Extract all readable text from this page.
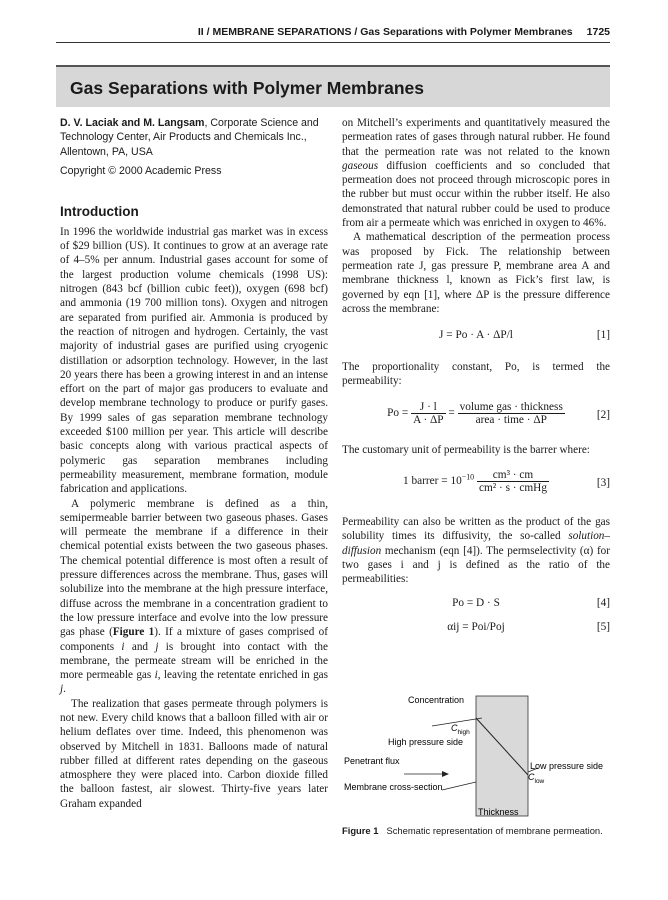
II / MEMBRANE SEPARATIONS / Gas Separations with Polymer Membranes 1725
Gas Separations with Polymer Membranes
D. V. Laciak and M. Langsam, Corporate Science and Technology Center, Air Products and Chemicals Inc., Allentown, PA, USA
Copyright © 2000 Academic Press
Introduction

In 1996 the worldwide industrial gas market was in excess of $29 billion (US). It continues to grow at an average rate of 4–5% per annum. Industrial gases account for some of the largest production volume chemicals (1998 US): nitrogen (843 bcf (billion cubic feet)), oxygen (698 bcf) and ammonia (19 700 million tons). Oxygen and nitrogen are separated from purified air. Ammonia is produced by the reaction of nitrogen and hydrogen. Certainly, the vast majority of industrial gases are purified using cryogenic distillation or adsorption technology. However, in the last 20 years there has been a growing interest in and an intense effort on the part of major gas producers to evaluate and develop membrane technology to produce or purify gases. By 1999 sales of gas separation membrane technology exceeded $100 million per year. This article will describe basic concepts along with various practical aspects of polymeric gas separation membranes including permeability measurement, membrane formation, module fabrication and applications.

A polymeric membrane is defined as a thin, semipermeable barrier between two gaseous phases. Gases will permeate the membrane if a difference in their chemical potential exists between the two gaseous phases. The chemical potential difference is most often a result of pressure differences across the membrane. Thus, gases will solubilize into the membrane at the high pressure interface, diffuse across the membrane in a concentration gradient to the low pressure interface and evolve into the low pressure gas phase (Figure 1). If a mixture of gases comprised of components i and j is brought into contact with the membrane, the permeate stream will be enriched in the more permeable gas i, leaving the retentate enriched in gas j.

The realization that gases permeate through polymers is not new. Every child knows that a balloon filled with air or helium deflates over time. Indeed, this phenomenon was observed by Mitchell in 1831. Balloons made of natural rubber filled at different rates depending on the gaseous atmosphere they were placed into. Carbon dioxide filled the balloon fastest, air slowest. Thirty-five years later Graham expanded

on Mitchell’s experiments and quantitatively measured the permeation rates of gases through natural rubber. He found that the permeation rate was not related to the known gaseous diffusion coefficients and so concluded that permeation does not proceed through microscopic pores in the rubber but must occur within the rubber itself. He also demonstrated that natural rubber could be used to produce from air a permeate which was enriched in oxygen to 46%.

A mathematical description of the permeation process was proposed by Fick. The relationship between permeation rate J, gas pressure P, membrane area A and membrane thickness l, known as Fick’s first law, is governed by eqn [1], where ΔP is the pressure difference across the membrane:

J = Po · A · ΔP/l	[1]

The proportionality constant, Po, is termed the permeability:

$Po = \frac{J \cdot l}{A \cdot \Delta P} = \frac{\text{volume gas · thickness}}{\text{area · time · ΔP}}$	[2]

The customary unit of permeability is the barrer where:

1 barrer = $10^{-10} \frac{\text{cm³ · cm}}{\text{cm² · s · cmHg}}$	[3]

Permeability can also be written as the product of the gas solubility times its diffusivity, the so-called solution–diffusion mechanism (eqn [4]). The permselectivity (α) for two gases i and j is defined as the ratio of the permeabilities:

Po = D · S	[4]
αij = Poi/Poj	[5]
Concentration
$C_{high}$
High pressure side
Penetrant flux	Low pressure side
$C_{low}$
Membrane cross-section
Thickness
Figure 1 Schematic representation of membrane permeation.
